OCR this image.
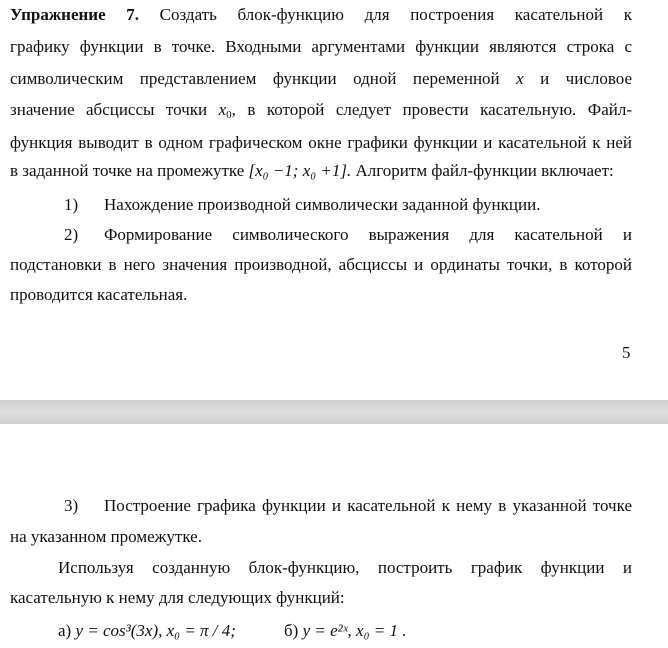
Упражнение 7. Создать блок-функцию для построения касательной к
графику функции в точке. Входными аргументами функции являются строка с
символическим представлением функции одной переменной x и числовое
значение абсциссы точки $x_0$, в которой следует провести касательную. Файл-
функция выводит в одном графическом окне графики функции и касательной к ней
в заданной точке на промежутке [x₀ −1; x₀ +1]. Алгоритм файл-функции включает:
1) Нахождение производной символически заданной функции.
2) Формирование символического выражения для касательной и
подстановки в него значения производной, абсциссы и ординаты точки, в которой
проводится касательная.
5
3) Построение графика функции и касательной к нему в указанной точке
на указанном промежутке.
Используя созданную блок-функцию, построить график функции и
касательную к нему для следующих функций:
а) y = cos³(3x), x₀ = π / 4;	б) y = e²ˣ, x₀ = 1 .
